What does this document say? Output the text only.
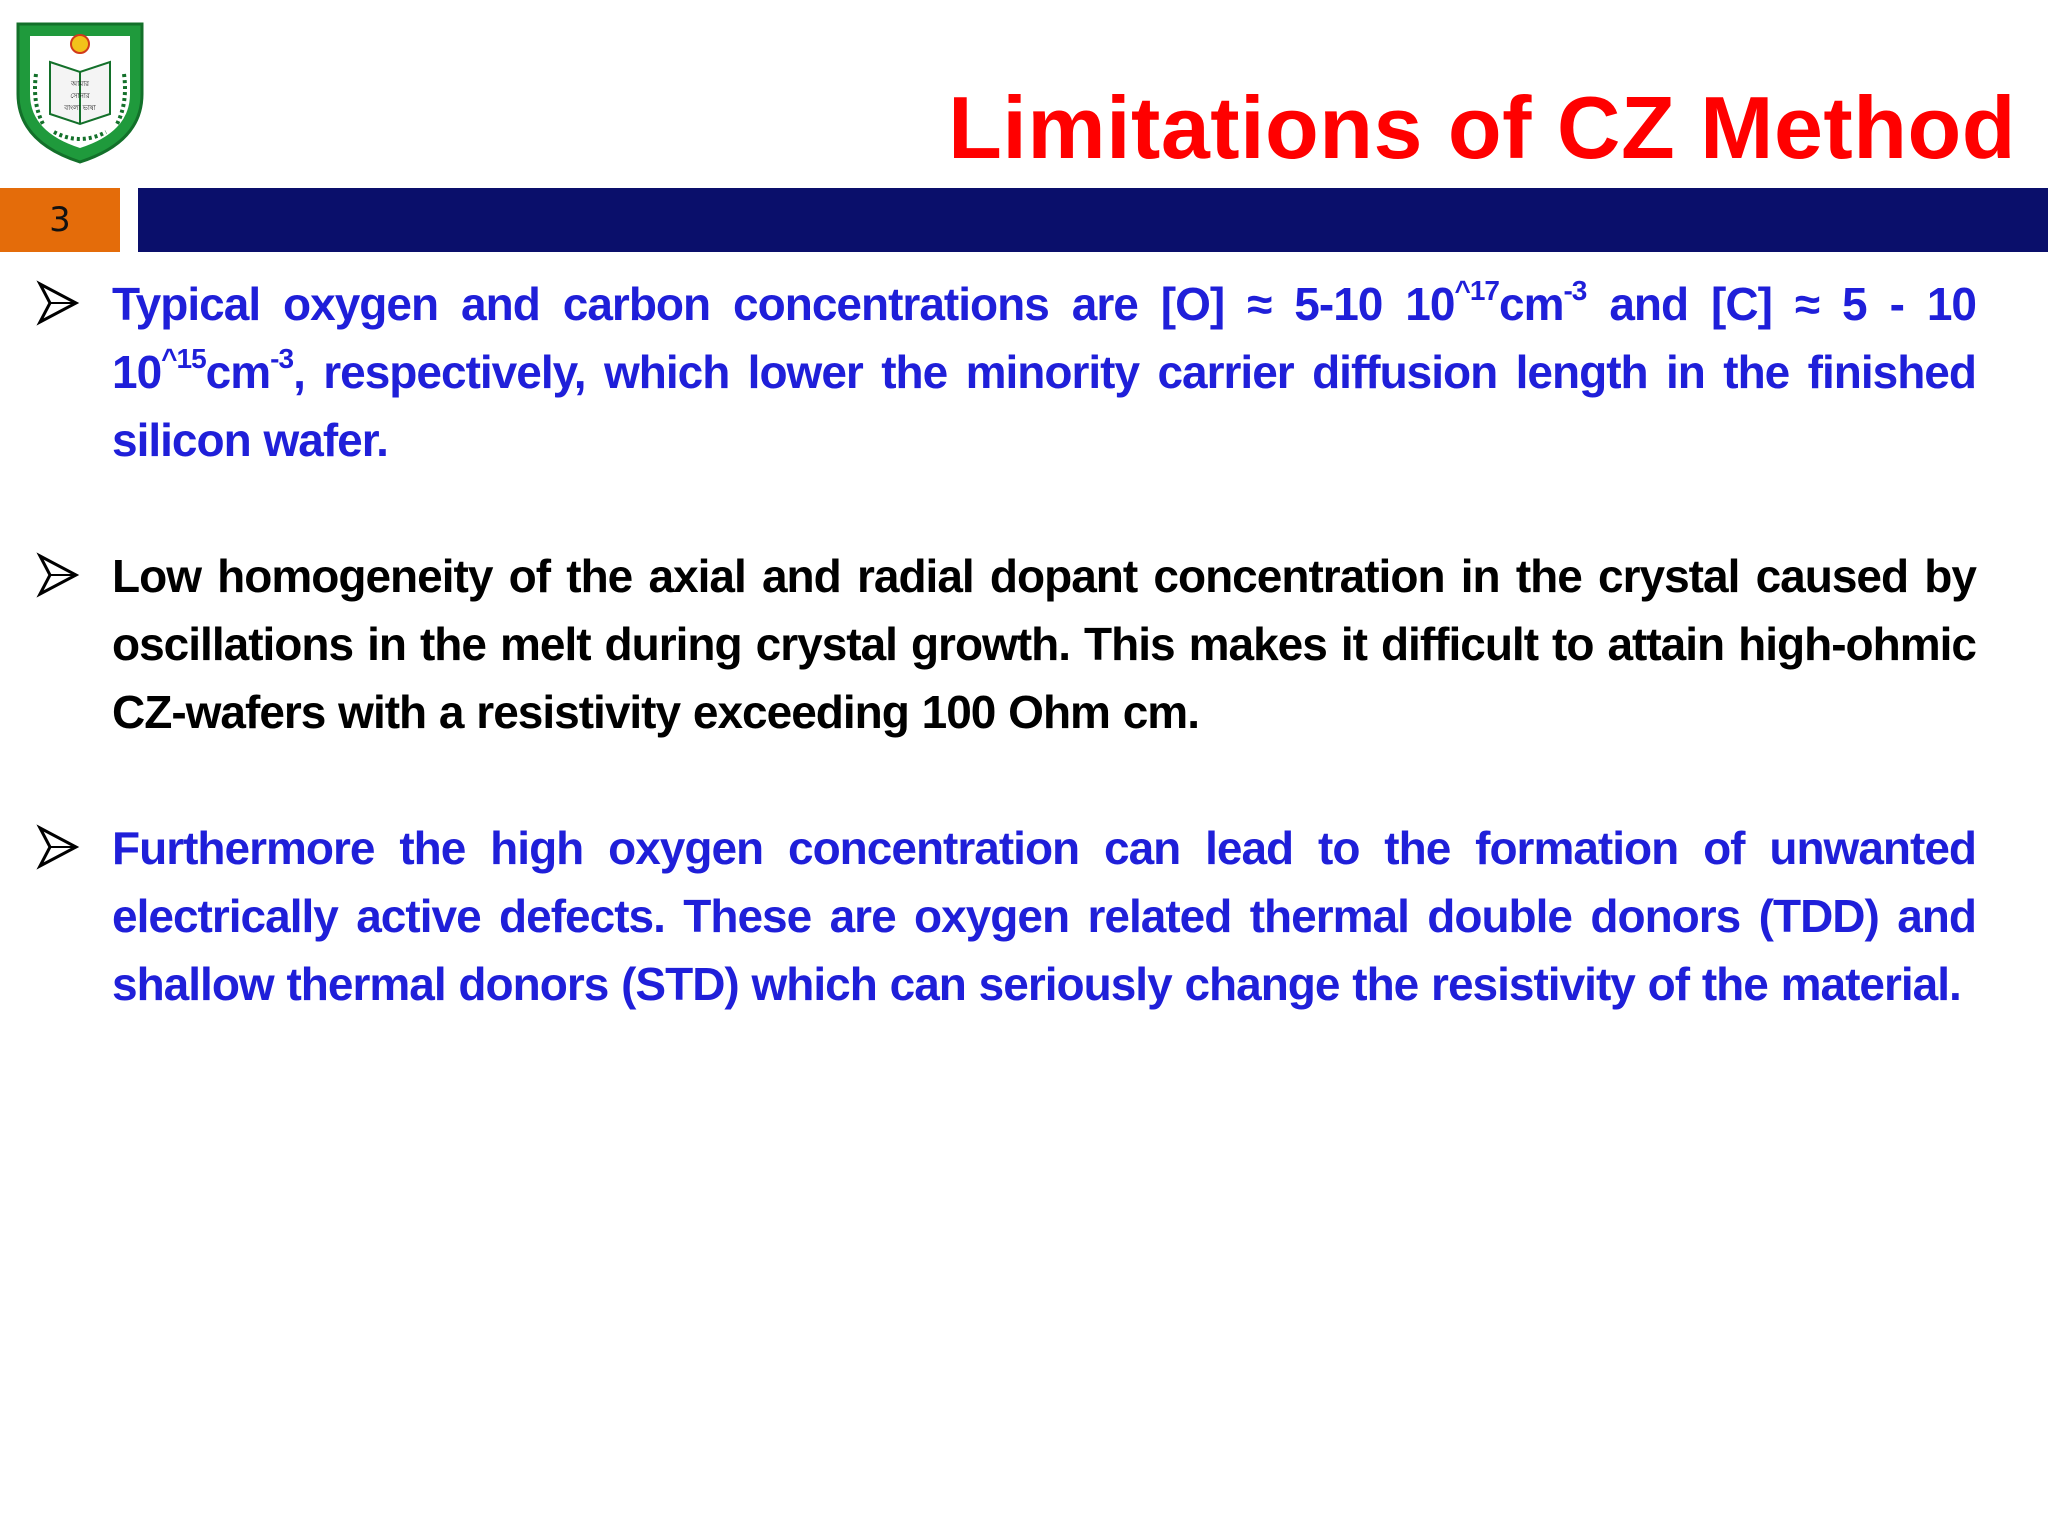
আমার
সোনার
বাংলা ভাষা	Limitations of CZ Method
3

Typical oxygen and carbon concentrations are [O] ≈ 5-10 $10^{\^{}17}cm^{-3}$ and [C] ≈ 5 - 10 $10^{\^{}15}cm^{-3}$, respectively, which lower the minority carrier diffusion length in the finished silicon wafer.

Low homogeneity of the axial and radial dopant concentration in the crystal caused by oscillations in the melt during crystal growth. This makes it difficult to attain high-ohmic CZ-wafers with a resistivity exceeding 100 Ohm cm.

Furthermore the high oxygen concentration can lead to the formation of unwanted electrically active defects. These are oxygen related thermal double donors (TDD) and shallow thermal donors (STD) which can seriously change the resistivity of the material.
